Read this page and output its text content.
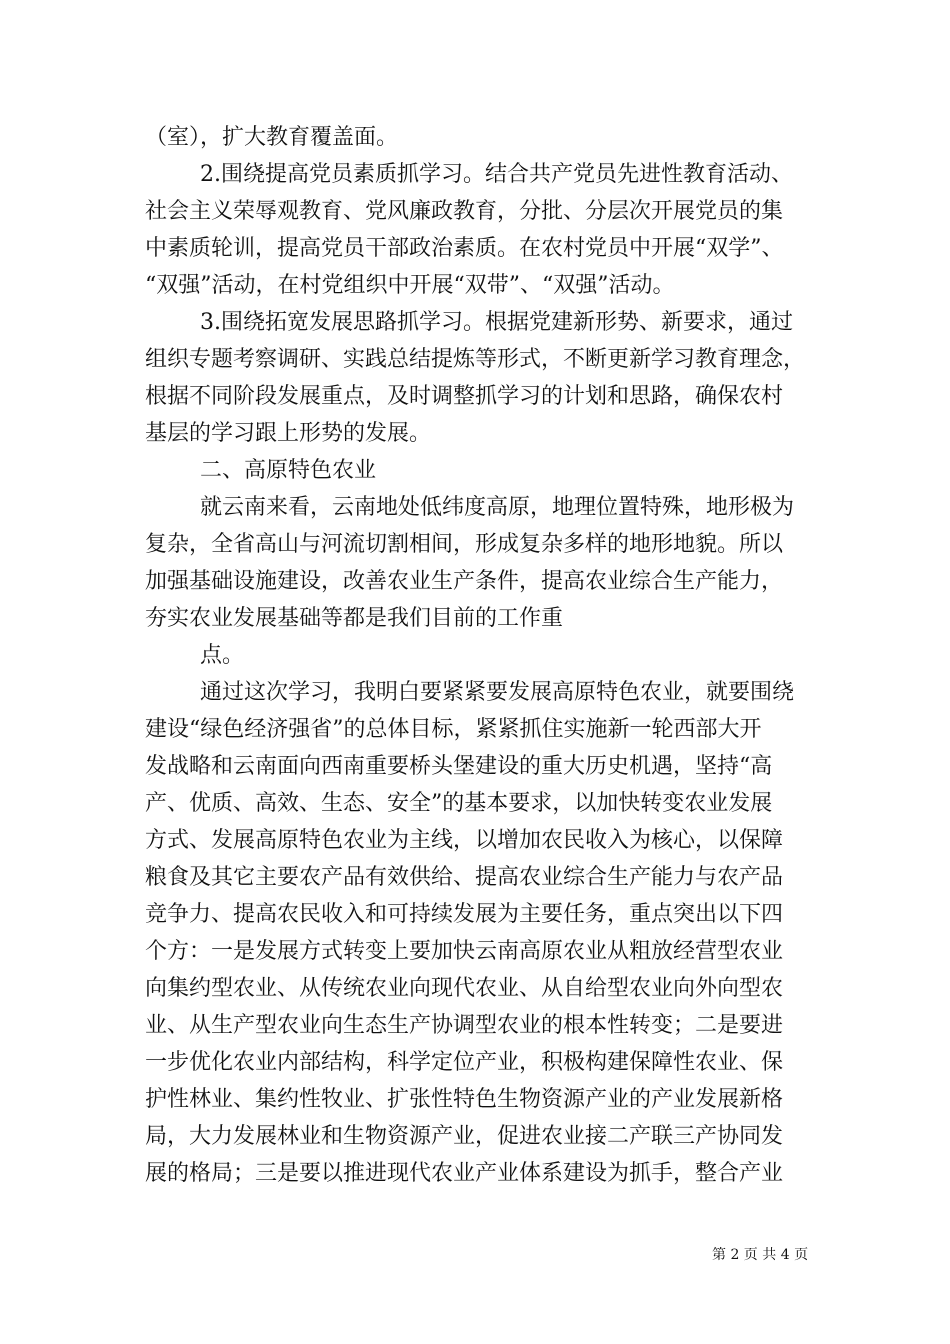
（室），扩大教育覆盖面。
2.围绕提高党员素质抓学习。结合共产党员先进性教育活动、
社会主义荣辱观教育、党风廉政教育，分批、分层次开展党员的集
中素质轮训，提高党员干部政治素质。在农村党员中开展“双学”、
“双强”活动，在村党组织中开展“双带”、“双强”活动。
3.围绕拓宽发展思路抓学习。根据党建新形势、新要求，通过
组织专题考察调研、实践总结提炼等形式，不断更新学习教育理念，
根据不同阶段发展重点，及时调整抓学习的计划和思路，确保农村
基层的学习跟上形势的发展。
二、高原特色农业
就云南来看，云南地处低纬度高原，地理位置特殊，地形极为
复杂，全省高山与河流切割相间，形成复杂多样的地形地貌。所以
加强基础设施建设，改善农业生产条件，提高农业综合生产能力，
夯实农业发展基础等都是我们目前的工作重
点。
通过这次学习，我明白要紧紧要发展高原特色农业，就要围绕
建设“绿色经济强省”的总体目标，紧紧抓住实施新一轮西部大开
发战略和云南面向西南重要桥头堡建设的重大历史机遇，坚持“高
产、优质、高效、生态、安全”的基本要求，以加快转变农业发展
方式、发展高原特色农业为主线，以增加农民收入为核心，以保障
粮食及其它主要农产品有效供给、提高农业综合生产能力与农产品
竞争力、提高农民收入和可持续发展为主要任务，重点突出以下四
个方：一是发展方式转变上要加快云南高原农业从粗放经营型农业
向集约型农业、从传统农业向现代农业、从自给型农业向外向型农
业、从生产型农业向生态生产协调型农业的根本性转变；二是要进
一步优化农业内部结构，科学定位产业，积极构建保障性农业、保
护性林业、集约性牧业、扩张性特色生物资源产业的产业发展新格
局，大力发展林业和生物资源产业，促进农业接二产联三产协同发
展的格局；三是要以推进现代农业产业体系建设为抓手，整合产业
第 2 页 共 4 页
